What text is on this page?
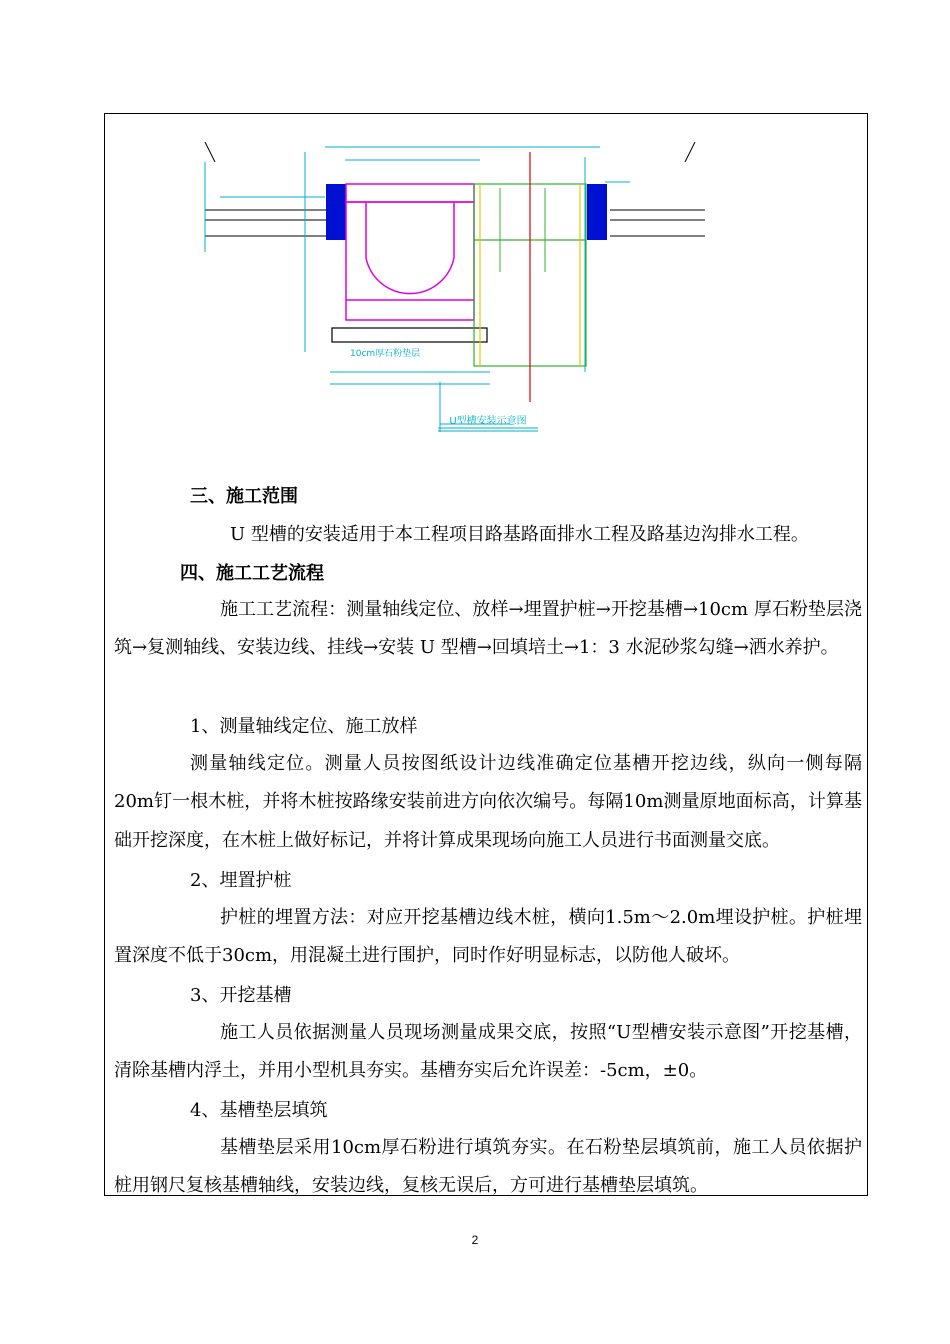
U型槽安装示意图
10cm厚石粉垫层
三、施工范围
U 型槽的安装适用于本工程项目路基路面排水工程及路基边沟排水工程。
四、施工工艺流程
施工工艺流程：测量轴线定位、放样→埋置护桩→开挖基槽→10cm 厚石粉垫层浇筑→复测轴线、安装边线、挂线→安装 U 型槽→回填培土→1：3 水泥砂浆勾缝→洒水养护。
1、测量轴线定位、施工放样
测量轴线定位。测量人员按图纸设计边线准确定位基槽开挖边线，纵向一侧每隔 20m钉一根木桩，并将木桩按路缘安装前进方向依次编号。每隔10m测量原地面标高，计算基础开挖深度，在木桩上做好标记，并将计算成果现场向施工人员进行书面测量交底。
2、埋置护桩
护桩的埋置方法：对应开挖基槽边线木桩，横向1.5m～2.0m埋设护桩。护桩埋置深度不低于30cm，用混凝土进行围护，同时作好明显标志，以防他人破坏。
3、开挖基槽
施工人员依据测量人员现场测量成果交底，按照“U型槽安装示意图”开挖基槽，清除基槽内浮土，并用小型机具夯实。基槽夯实后允许误差：-5cm，±0。
4、基槽垫层填筑
基槽垫层采用10cm厚石粉进行填筑夯实。在石粉垫层填筑前，施工人员依据护桩用钢尺复核基槽轴线，安装边线，复核无误后，方可进行基槽垫层填筑。
2
